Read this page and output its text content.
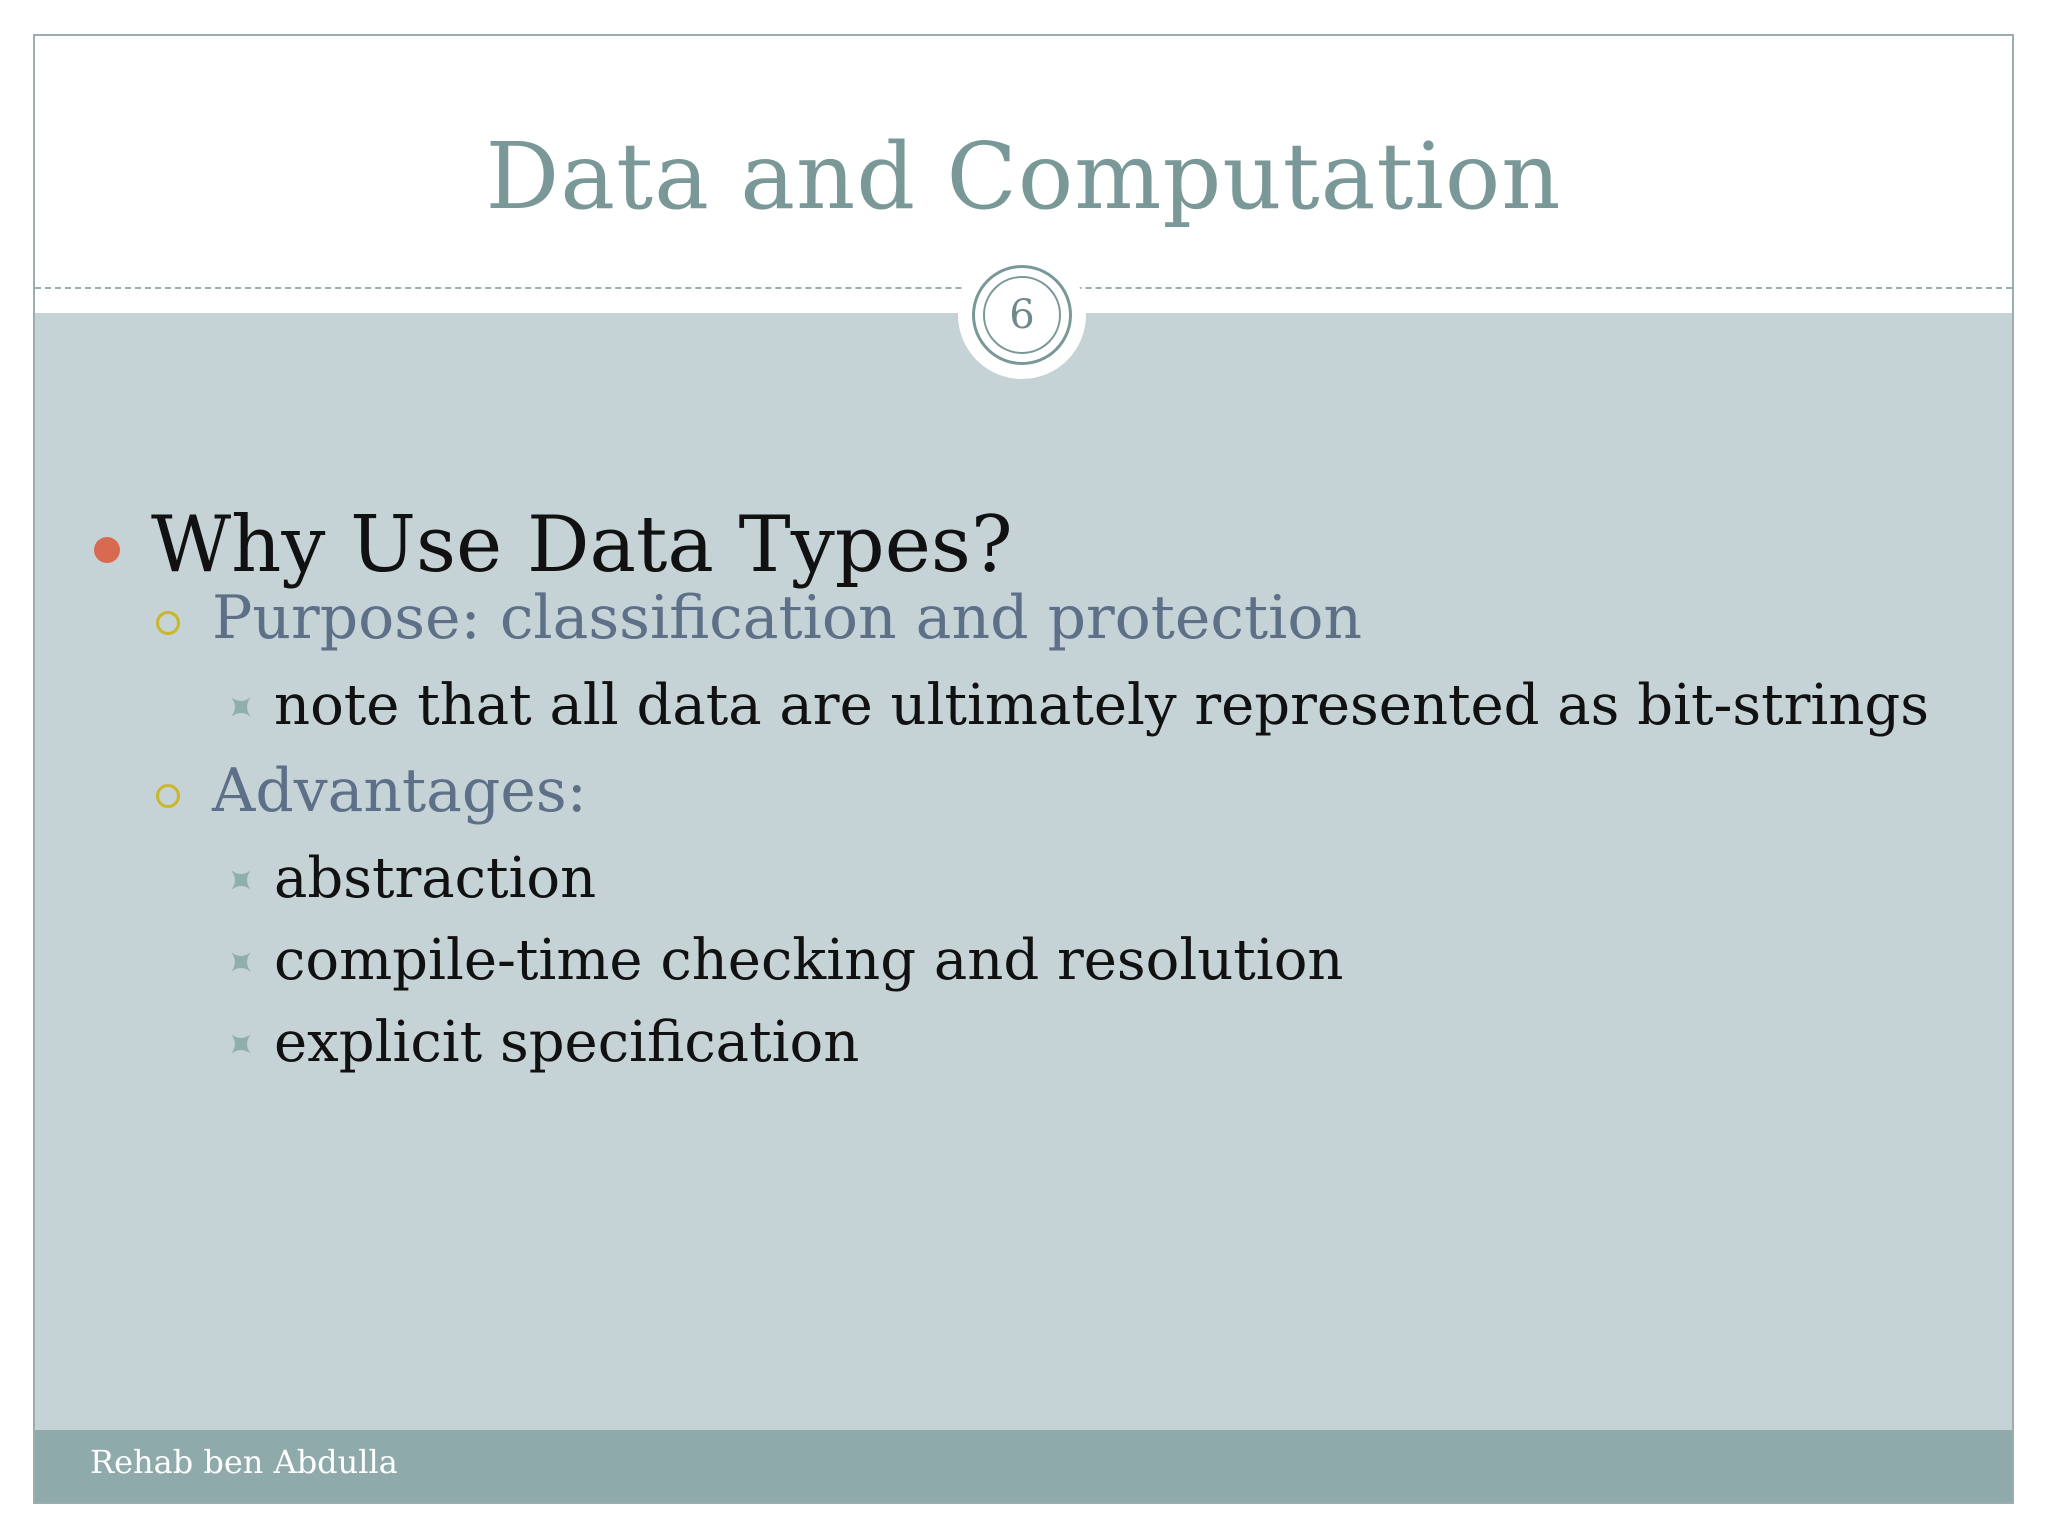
Data and Computation
6
Why Use Data Types?
Purpose: classification and protection
note that all data are ultimately represented as bit-strings
Advantages:
abstraction
compile-time checking and resolution
explicit specification
Rehab ben Abdulla
